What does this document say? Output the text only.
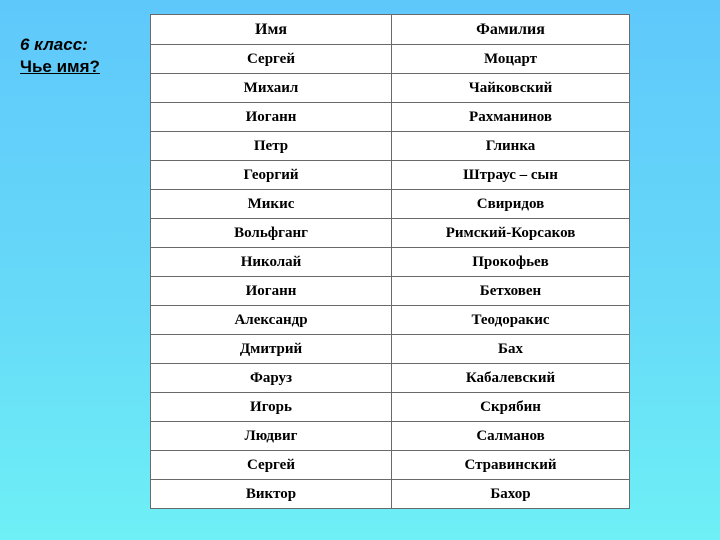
6 класс:
Чье имя?
Имя	Фамилия
Сергей	Моцарт
Михаил	Чайковский
Иоганн	Рахманинов
Петр	Глинка
Георгий	Штраус – сын
Микис	Свиридов
Вольфганг	Римский-Корсаков
Николай	Прокофьев
Иоганн	Бетховен
Александр	Теодоракис
Дмитрий	Бах
Фаруз	Кабалевский
Игорь	Скрябин
Людвиг	Салманов
Сергей	Стравинский
Виктор	Бахор
